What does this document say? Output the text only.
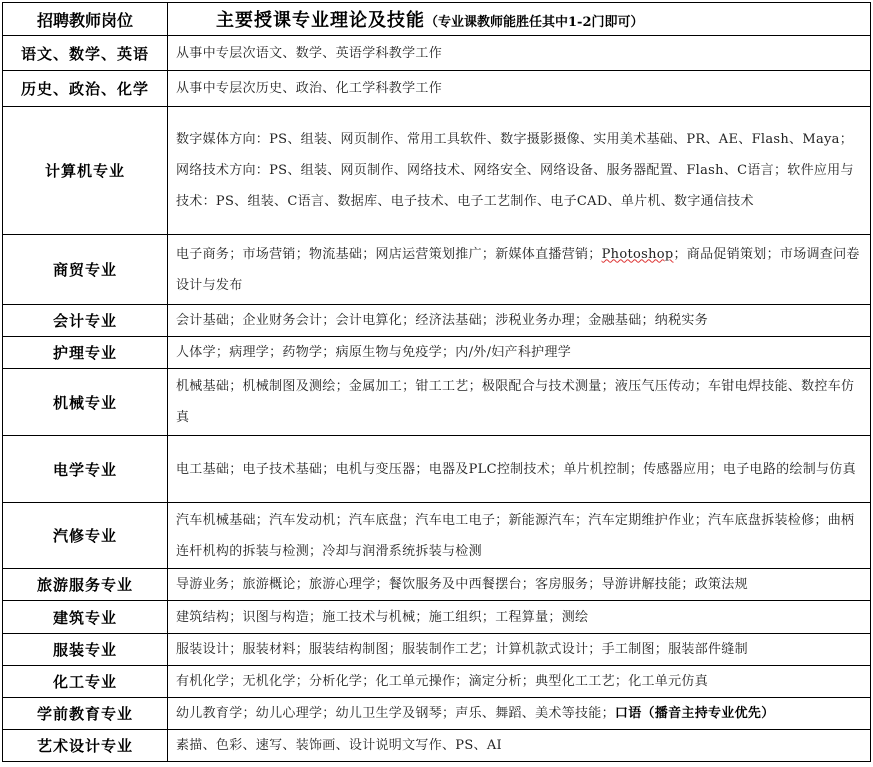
招聘教师岗位	主要授课专业理论及技能（专业课教师能胜任其中1-2门即可）
语文、数学、英语	从事中专层次语文、数学、英语学科教学工作
历史、政治、化学	从事中专层次历史、政治、化工学科教学工作
计算机专业	数字媒体方向：PS、组装、网页制作、常用工具软件、数字摄影摄像、实用美术基础、PR、AE、Flash、Maya；网络技术方向：PS、组装、网页制作、网络技术、网络安全、网络设备、服务器配置、Flash、C语言；软件应用与技术：PS、组装、C语言、数据库、电子技术、电子工艺制作、电子CAD、单片机、数字通信技术
商贸专业	电子商务；市场营销；物流基础；网店运营策划推广；新媒体直播营销；Photoshop；商品促销策划；市场调查问卷设计与发布
会计专业	会计基础；企业财务会计；会计电算化；经济法基础；涉税业务办理；金融基础；纳税实务
护理专业	人体学；病理学；药物学；病原生物与免疫学；内/外/妇产科护理学
机械专业	机械基础；机械制图及测绘；金属加工；钳工工艺；极限配合与技术测量；液压气压传动；车钳电焊技能、数控车仿真
电学专业	电工基础；电子技术基础；电机与变压器；电器及PLC控制技术；单片机控制；传感器应用；电子电路的绘制与仿真
汽修专业	汽车机械基础；汽车发动机；汽车底盘；汽车电工电子；新能源汽车；汽车定期维护作业；汽车底盘拆装检修；曲柄连杆机构的拆装与检测；冷却与润滑系统拆装与检测
旅游服务专业	导游业务；旅游概论；旅游心理学；餐饮服务及中西餐摆台；客房服务；导游讲解技能；政策法规
建筑专业	建筑结构；识图与构造；施工技术与机械；施工组织；工程算量；测绘
服装专业	服装设计；服装材料；服装结构制图；服装制作工艺；计算机款式设计；手工制图；服装部件缝制
化工专业	有机化学；无机化学；分析化学；化工单元操作；滴定分析；典型化工工艺；化工单元仿真
学前教育专业	幼儿教育学；幼儿心理学；幼儿卫生学及钢琴；声乐、舞蹈、美术等技能；口语（播音主持专业优先）
艺术设计专业	素描、色彩、速写、装饰画、设计说明文写作、PS、AI
